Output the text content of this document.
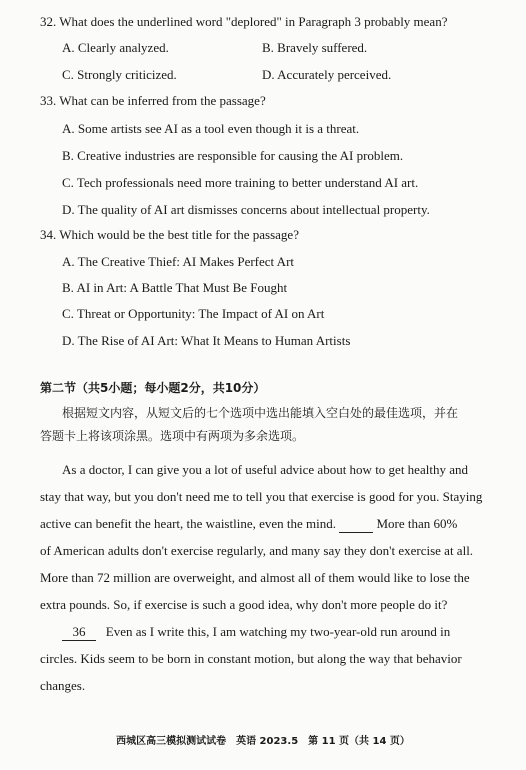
32. What does the underlined word "deplored" in Paragraph 3 probably mean?
A. Clearly analyzed.	B. Bravely suffered.
C. Strongly criticized.	D. Accurately perceived.
33. What can be inferred from the passage?
A. Some artists see AI as a tool even though it is a threat.
B. Creative industries are responsible for causing the AI problem.
C. Tech professionals need more training to better understand AI art.
D. The quality of AI art dismisses concerns about intellectual property.
34. Which would be the best title for the passage?
A. The Creative Thief: AI Makes Perfect Art
B. AI in Art: A Battle That Must Be Fought
C. Threat or Opportunity: The Impact of AI on Art
D. The Rise of AI Art: What It Means to Human Artists
第二节（共5小题；每小题2分，共10分）
根据短文内容，从短文后的七个选项中选出能填入空白处的最佳选项，并在
答题卡上将该项涂黑。选项中有两项为多余选项。
As a doctor, I can give you a lot of useful advice about how to get healthy and
stay that way, but you don't need me to tell you that exercise is good for you. Staying
active can benefit the heart, the waistline, even the mind.	More than 60%
of American adults don't exercise regularly, and many say they don't exercise at all.
More than 72 million are overweight, and almost all of them would like to lose the
extra pounds. So, if exercise is such a good idea, why don't more people do it?
36 Even as I write this, I am watching my two-year-old run around in
circles. Kids seem to be born in constant motion, but along the way that behavior
changes.
西城区高三模拟测试试卷　英语 2023.5　第 11 页（共 14 页）
